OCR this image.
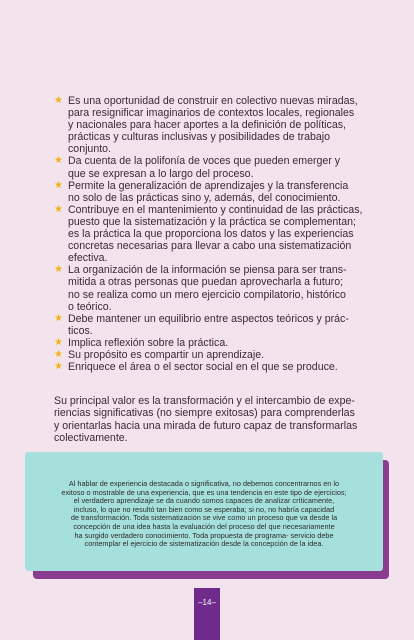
★ Es una oportunidad de construir en colectivo nuevas miradas,
para resignificar imaginarios de contextos locales, regionales
y nacionales para hacer aportes a la definición de políticas,
prácticas y culturas inclusivas y posibilidades de trabajo
conjunto.
★ Da cuenta de la polifonía de voces que pueden emerger y
que se expresan a lo largo del proceso.
★ Permite la generalización de aprendizajes y la transferencia
no solo de las prácticas sino y, además, del conocimiento.
★ Contribuye en el mantenimiento y continuidad de las prácticas,
puesto que la sistematización y la práctica se complementan;
es la práctica la que proporciona los datos y las experiencias
concretas necesarias para llevar a cabo una sistematización
efectiva.
★ La organización de la información se piensa para ser trans-
mitida a otras personas que puedan aprovecharla a futuro;
no se realiza como un mero ejercicio compilatorio, histórico
o teórico.
★ Debe mantener un equilibrio entre aspectos teóricos y prác-
ticos.
★ Implica reflexión sobre la práctica.
★ Su propósito es compartir un aprendizaje.
★ Enriquece el área o el sector social en el que se produce.

Su principal valor es la transformación y el intercambio de expe-
riencias significativas (no siempre exitosas) para comprenderlas
y orientarlas hacia una mirada de futuro capaz de transformarlas
colectivamente.

Al hablar de experiencia destacada o significativa, no debemos concentrarnos en lo
exitoso o mostrable de una experiencia, que es una tendencia en este tipo de ejercicios;
el verdadero aprendizaje se da cuando somos capaces de analizar críticamente,
incluso, lo que no resultó tan bien como se esperaba; si no, no habría capacidad
de transformación. Toda sistematización se vive como un proceso que va desde la
concepción de una idea hasta la evaluación del proceso del que necesariamente
ha surgido verdadero conocimiento. Toda propuesta de programa- servicio debe
contemplar el ejercicio de sistematización desde la concepción de la idea.

–14–
